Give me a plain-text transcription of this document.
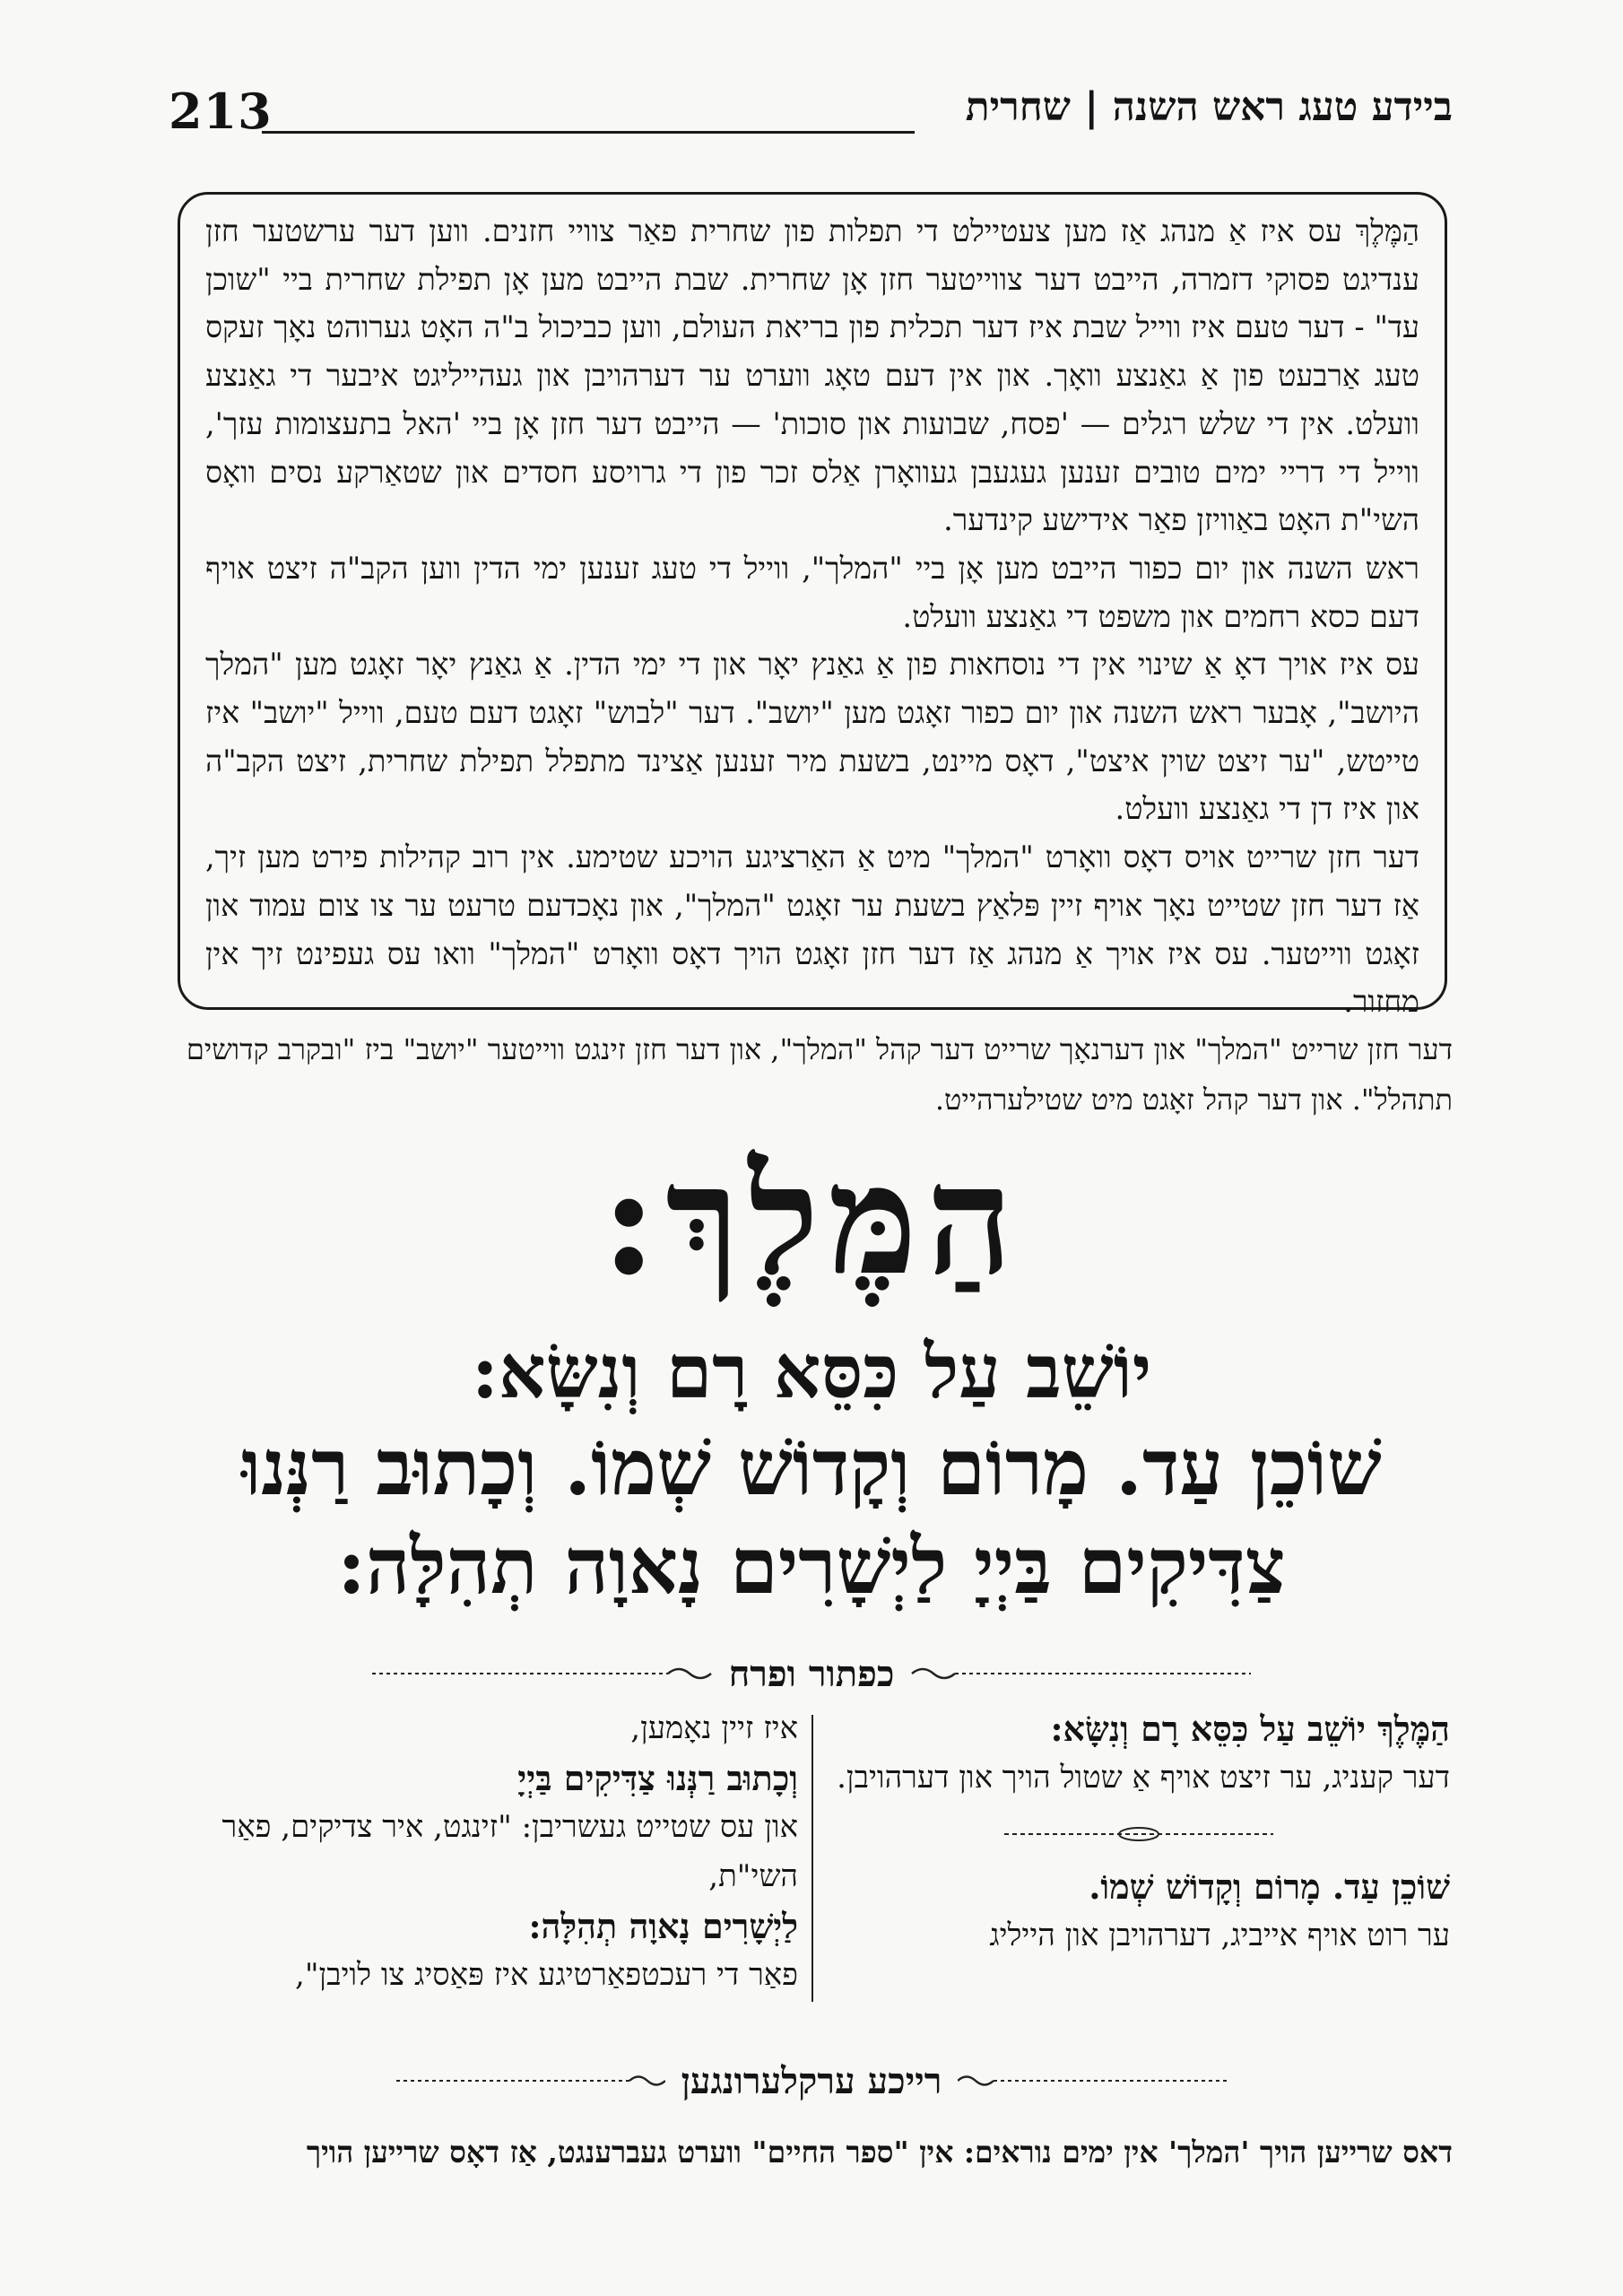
213	ביידע טעג ראש השנה | שחרית

הַמֶּלֶךְ עס איז אַ מנהג אַז מען צעטיילט די תפלות פון שחרית פאַר צוויי חזנים. ווען דער ערשטער חזן ענדיגט פסוקי דזמרה, הייבט דער צווייטער חזן אָן שחרית. שבת הייבט מען אָן תפילת שחרית ביי "שוכן עד" - דער טעם איז ווייל שבת איז דער תכלית פון בריאת העולם, ווען כביכול ב"ה האָט גערוהט נאָך זעקס טעג אַרבעט פון אַ גאַנצע וואָך. און אין דעם טאָג ווערט ער דערהויבן און געהייליגט איבער די גאַנצע וועלט. אין די שלש רגלים — 'פסח, שבועות און סוכות' — הייבט דער חזן אָן ביי 'האל בתעצומות עזך', ווייל די דריי ימים טובים זענען געגעבן געוואָרן אַלס זכר פון די גרויסע חסדים און שטאַרקע נסים וואָס השי"ת האָט באַוויזן פאַר אידישע קינדער.

ראש השנה און יום כפור הייבט מען אָן ביי "המלך", ווייל די טעג זענען ימי הדין ווען הקב"ה זיצט אויף דעם כסא רחמים און משפט די גאַנצע וועלט.

עס איז אויך דאָ אַ שינוי אין די נוסחאות פון אַ גאַנץ יאָר און די ימי הדין. אַ גאַנץ יאָר זאָגט מען "המלך היושב", אָבער ראש השנה און יום כפור זאָגט מען "יושב". דער "לבוש" זאָגט דעם טעם, ווייל "יושב" איז טייטש, "ער זיצט שוין איצט", דאָס מיינט, בשעת מיר זענען אַצינד מתפלל תפילת שחרית, זיצט הקב"ה און איז דן די גאַנצע וועלט.

דער חזן שרייט אויס דאָס וואָרט "המלך" מיט אַ האַרציגע הויכע שטימע. אין רוב קהילות פירט מען זיך, אַז דער חזן שטייט נאָך אויף זיין פּלאַץ בשעת ער זאָגט "המלך", און נאָכדעם טרעט ער צו צום עמוד און זאָגט ווייטער. עס איז אויך אַ מנהג אַז דער חזן זאָגט הויך דאָס וואָרט "המלך" וואו עס געפינט זיך אין מחזור.

דער חזן שרייט "המלך" און דערנאָך שרייט דער קהל "המלך", און דער חזן זינגט ווייטער "יושב" ביז "ובקרב קדושים תתהלל". און דער קהל זאָגט מיט שטילערהייט.
הַמֶּלֶךְ:
יוֹשֵׁב עַל כִּסֵּא רָם וְנִשָּׂא:
שׁוֹכֵן עַד. מָרוֹם וְקָדוֹשׁ שְׁמוֹ. וְכָתוּב רַנְּנוּ
צַדִּיקִים בַּיְיָ לַיְשָׁרִים נָאוָה תְהִלָּה:
כפתור ופרח

הַמֶּלֶךְ יוֹשֵׁב עַל כִּסֵּא רָם וְנִשָּׂא:

דער קעניג, ער זיצט אויף אַ שטול הויך און דערהויבן.

שׁוֹכֵן עַד. מָרוֹם וְקָדוֹשׁ שְׁמוֹ.

ער רוט אויף אייביג, דערהויבן און הייליג

איז זיין נאָמען,

וְכָתוּב רַנְּנוּ צַדִּיקִים בַּיְיָ

און עס שטייט געשריבן: "זינגט, איר צדיקים, פאַר השי"ת,

לַיְשָׁרִים נָאוָה תְהִלָּה:

פאַר די רעכטפאַרטיגע איז פּאַסיג צו לויבן",

רייכע ערקלערונגען
דאס שרייען הויך 'המלך' אין ימים נוראים: אין "ספר החיים" ווערט געברענגט, אַז דאָס שרייען הויך
